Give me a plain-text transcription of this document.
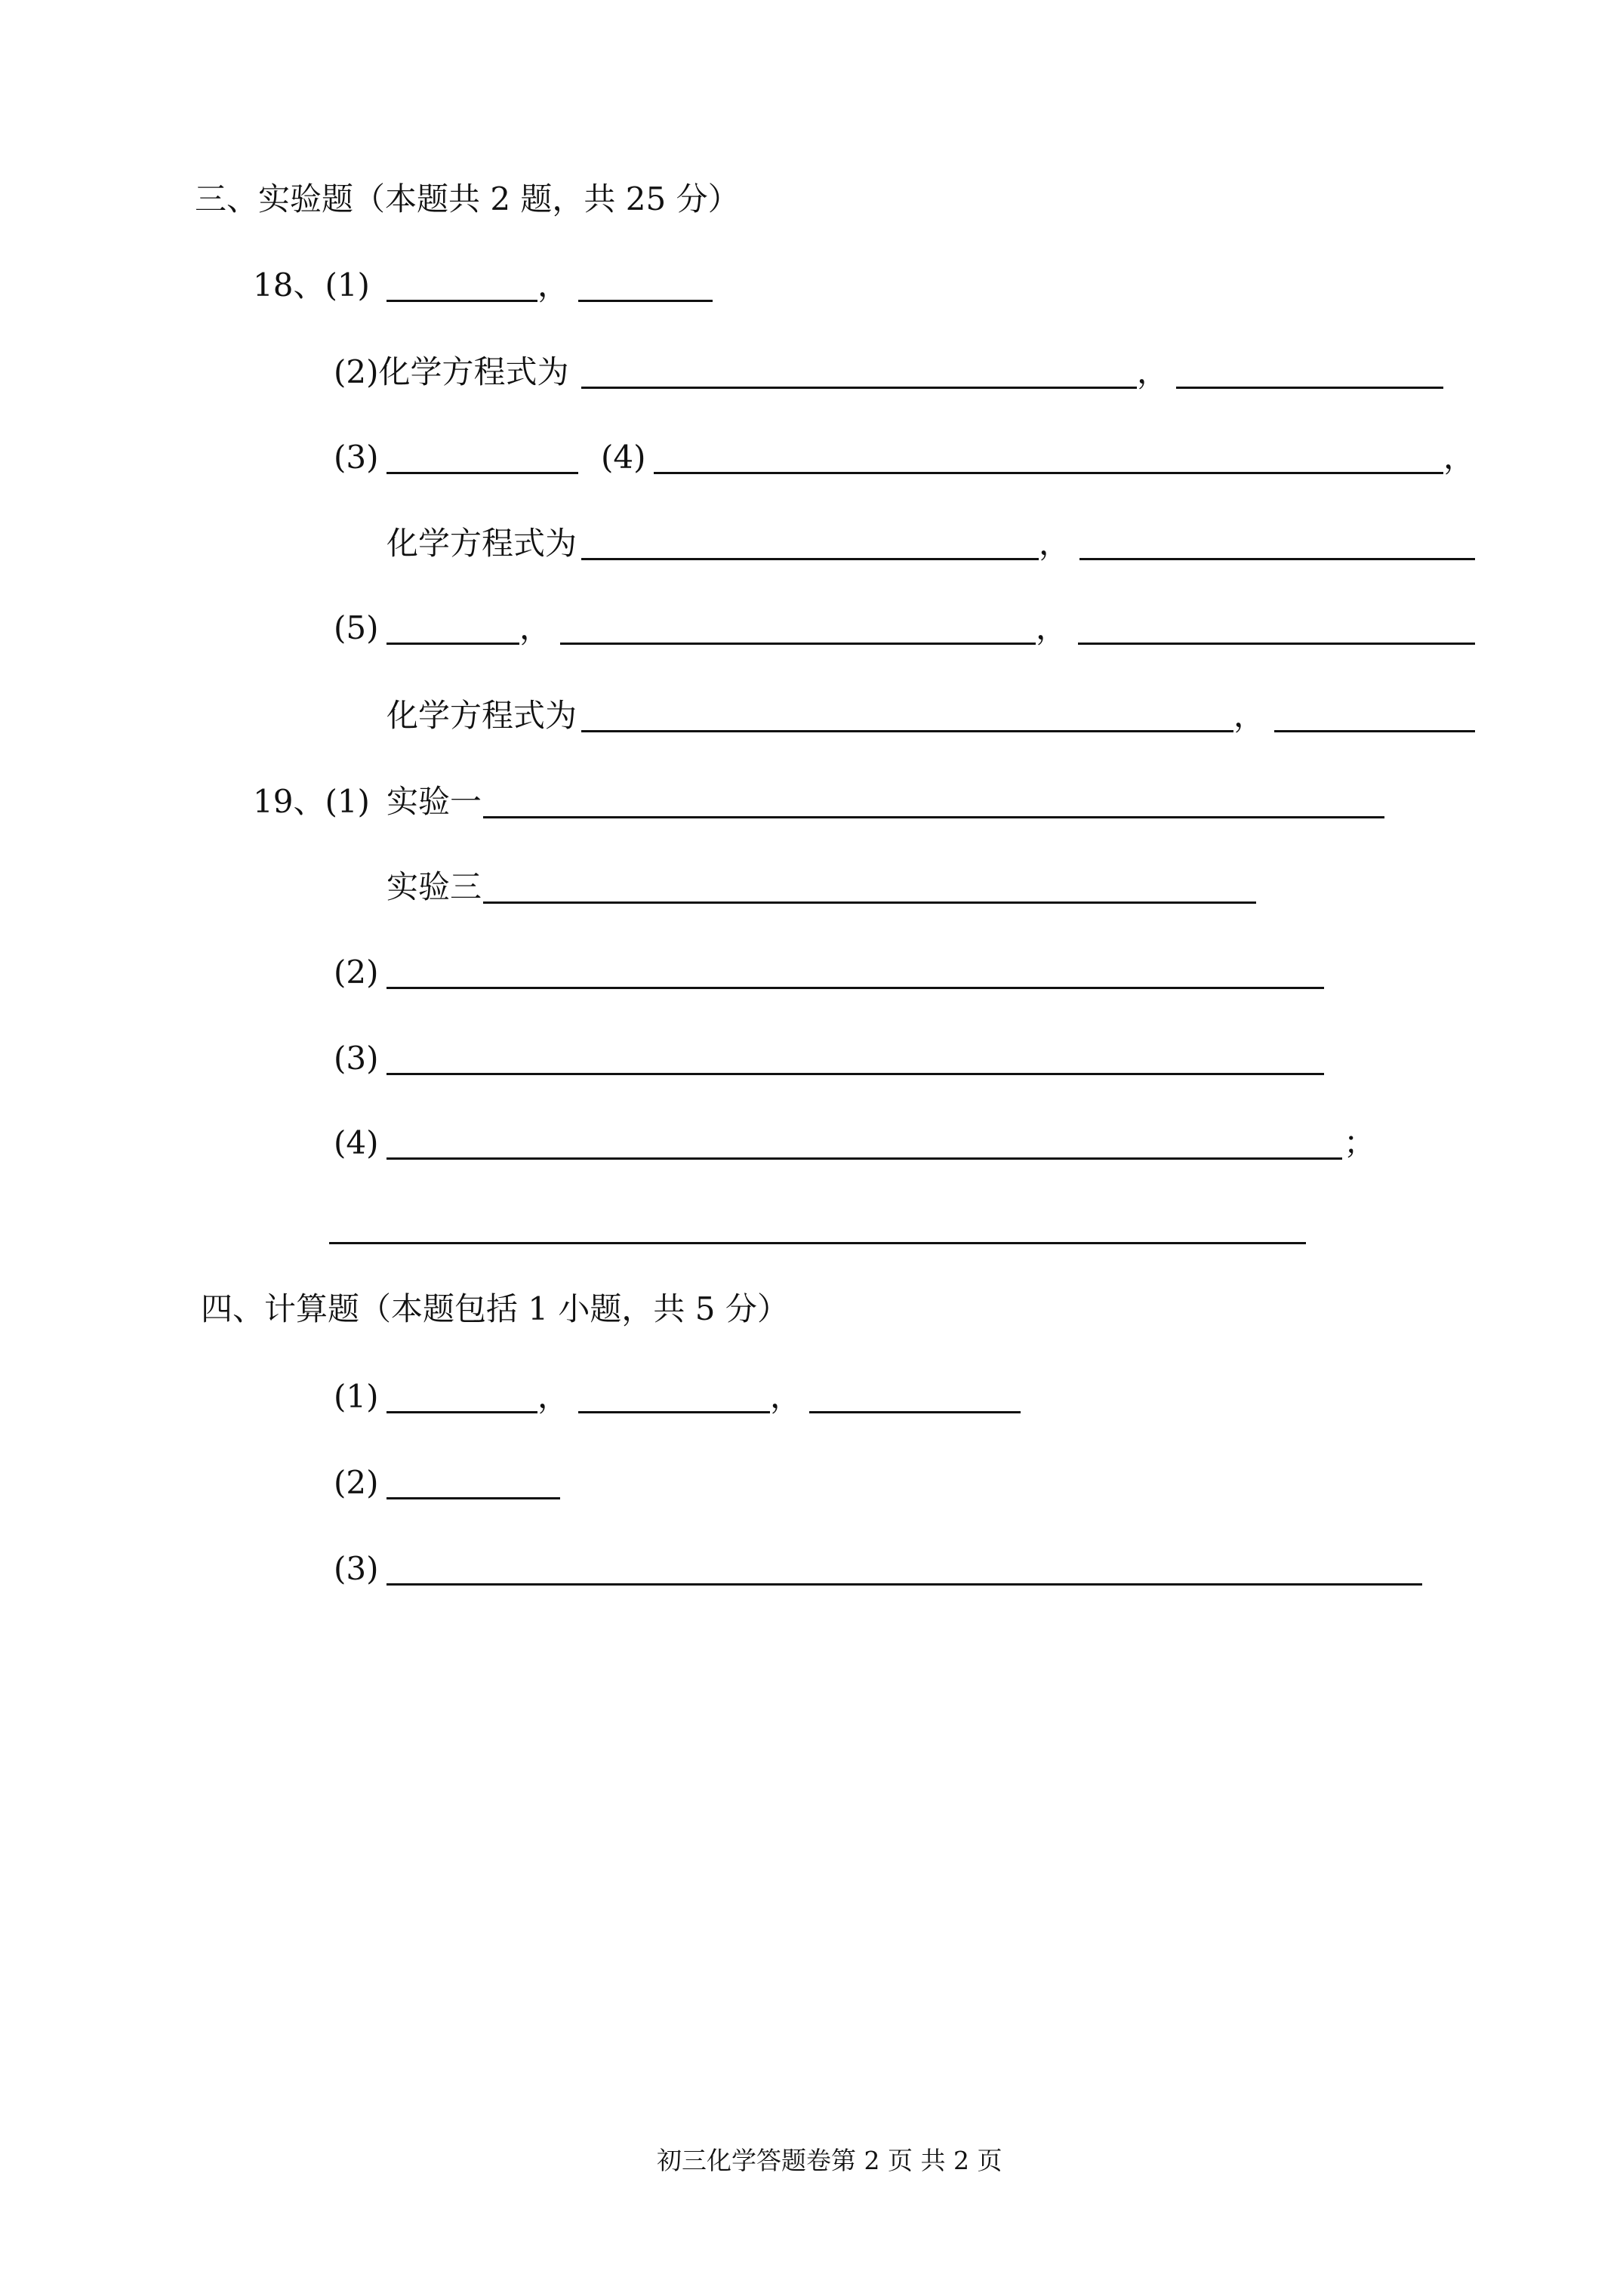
三、实验题（本题共 2 题，共 25 分）
18、(1)	，
(2)化学方程式为	，
(3)	(4)	，
化学方程式为	，
(5)	，	，
化学方程式为	，
19、(1) 实验一
实验三
(2)
(3)
(4)	；
四、计算题（本题包括 1 小题，共 5 分）
(1)	，	，
(2)
(3)
初三化学答题卷第 2 页 共 2 页
